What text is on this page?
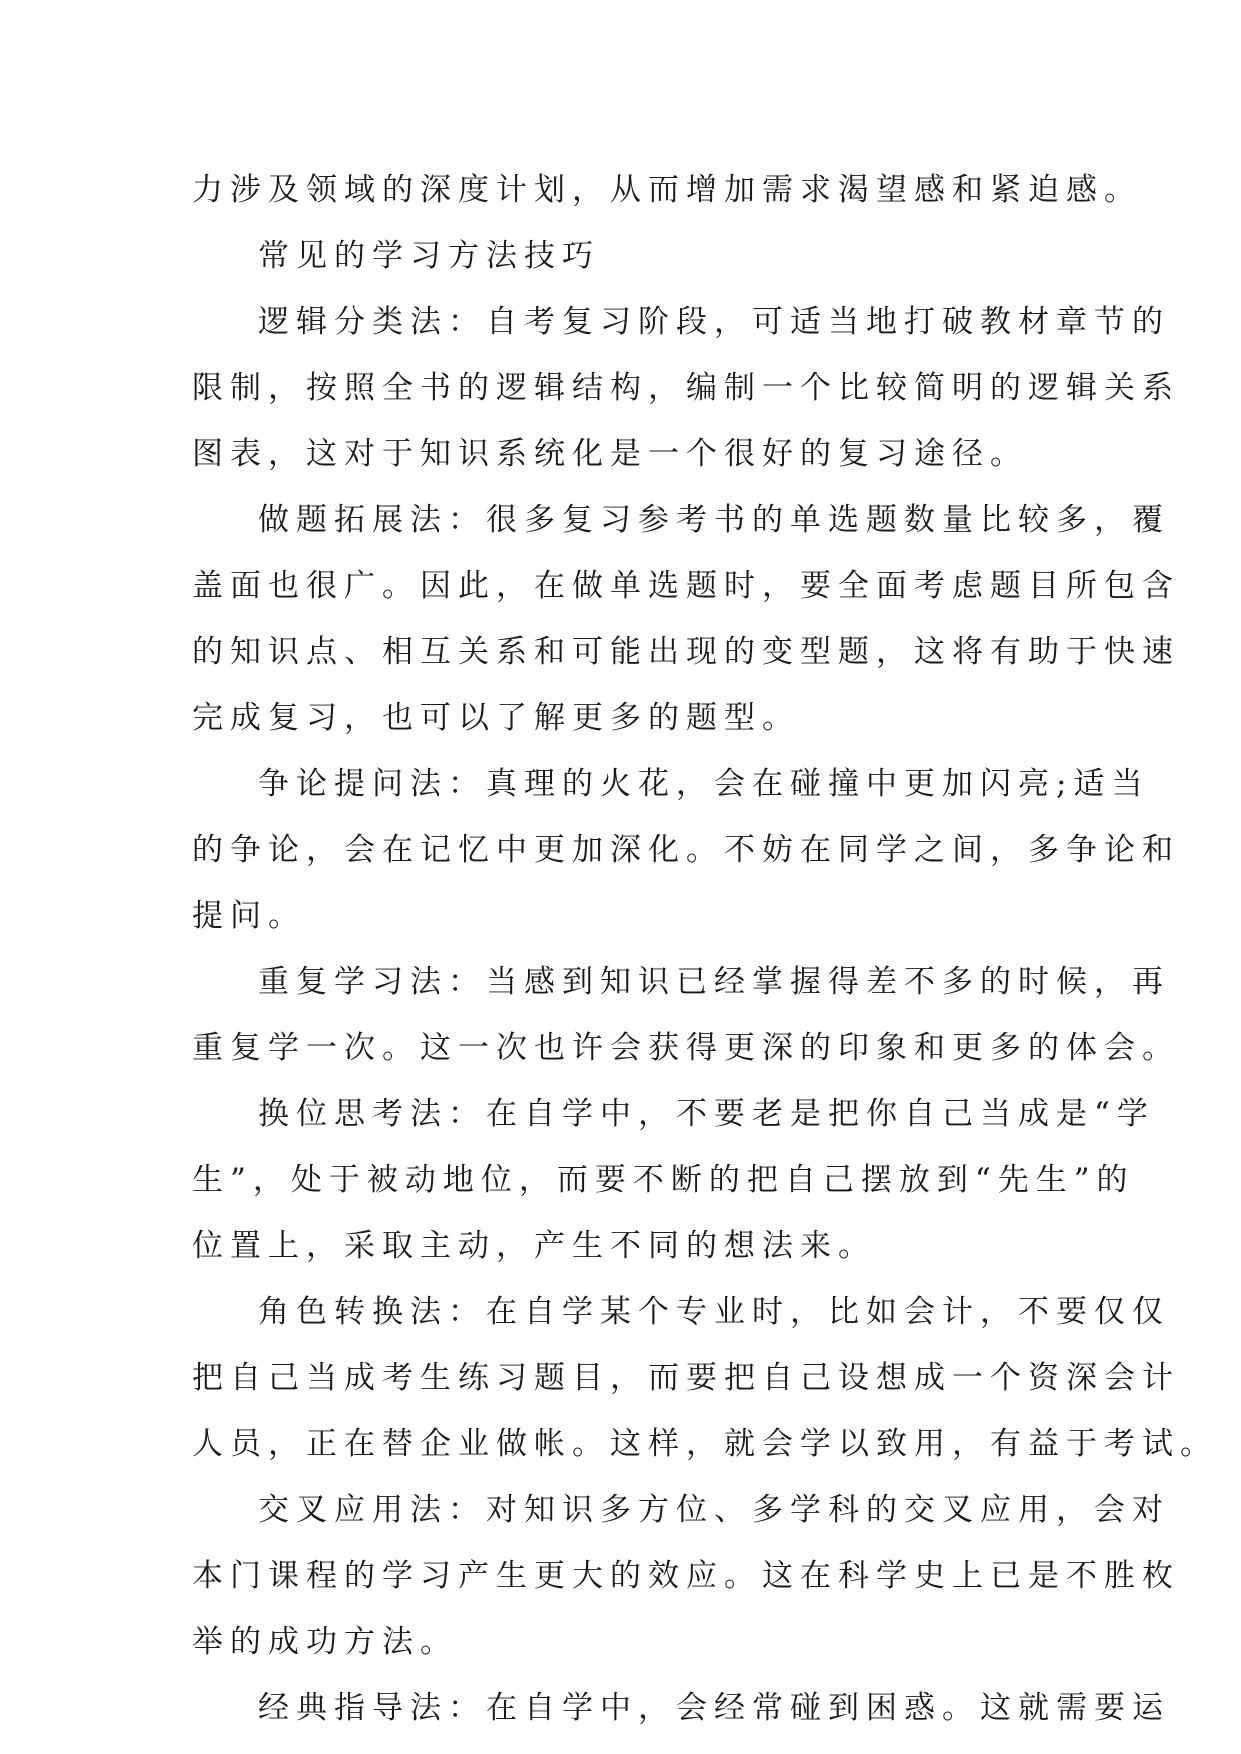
力涉及领域的深度计划，从而增加需求渴望感和紧迫感。

常见的学习方法技巧

逻辑分类法：自考复习阶段，可适当地打破教材章节的

限制，按照全书的逻辑结构，编制一个比较简明的逻辑关系

图表，这对于知识系统化是一个很好的复习途径。

做题拓展法：很多复习参考书的单选题数量比较多，覆

盖面也很广。因此，在做单选题时，要全面考虑题目所包含

的知识点、相互关系和可能出现的变型题，这将有助于快速

完成复习，也可以了解更多的题型。

争论提问法：真理的火花，会在碰撞中更加闪亮;适当

的争论，会在记忆中更加深化。不妨在同学之间，多争论和

提问。

重复学习法：当感到知识已经掌握得差不多的时候，再

重复学一次。这一次也许会获得更深的印象和更多的体会。

换位思考法：在自学中，不要老是把你自己当成是“学

生”，处于被动地位，而要不断的把自己摆放到“先生”的

位置上，采取主动，产生不同的想法来。

角色转换法：在自学某个专业时，比如会计，不要仅仅

把自己当成考生练习题目，而要把自己设想成一个资深会计

人员，正在替企业做帐。这样，就会学以致用，有益于考试。

交叉应用法：对知识多方位、多学科的交叉应用，会对

本门课程的学习产生更大的效应。这在科学史上已是不胜枚

举的成功方法。

经典指导法：在自学中，会经常碰到困惑。这就需要运
